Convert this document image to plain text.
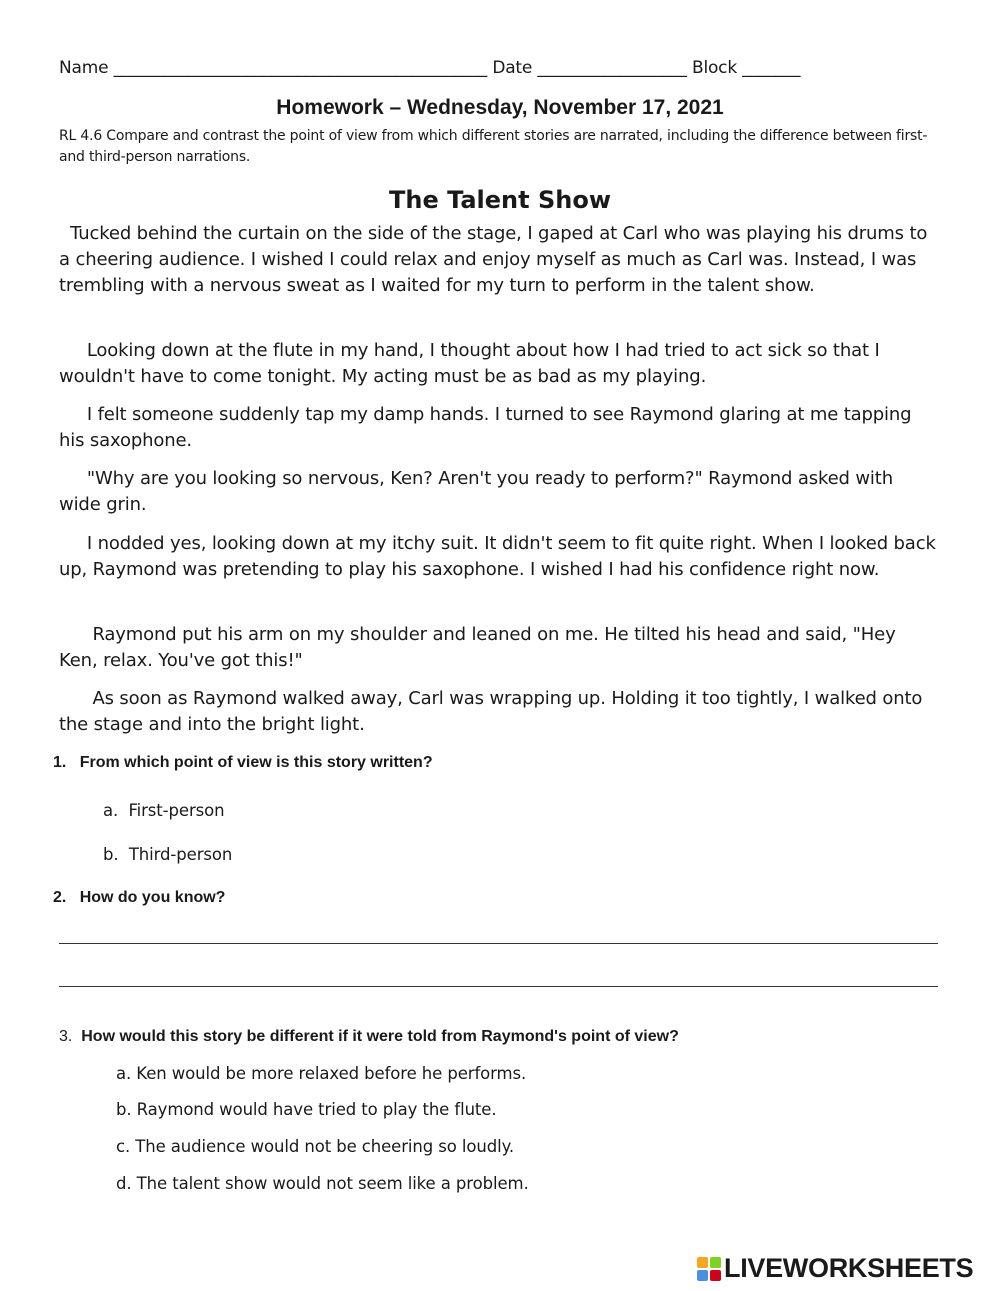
Name _____________________________________________ Date __________________ Block _______
Homework – Wednesday, November 17, 2021
RL 4.6 Compare and contrast the point of view from which different stories are narrated, including the difference between first- and third-person narrations.
The Talent Show

Tucked behind the curtain on the side of the stage, I gaped at Carl who was playing his drums to a cheering audience. I wished I could relax and enjoy myself as much as Carl was. Instead, I was trembling with a nervous sweat as I waited for my turn to perform in the talent show.

Looking down at the flute in my hand, I thought about how I had tried to act sick so that I wouldn't have to come tonight. My acting must be as bad as my playing.

I felt someone suddenly tap my damp hands. I turned to see Raymond glaring at me tapping his saxophone.

"Why are you looking so nervous, Ken? Aren't you ready to perform?" Raymond asked with wide grin.

I nodded yes, looking down at my itchy suit. It didn't seem to fit quite right. When I looked back up, Raymond was pretending to play his saxophone. I wished I had his confidence right now.

Raymond put his arm on my shoulder and leaned on me. He tilted his head and said, "Hey Ken, relax. You've got this!"

As soon as Raymond walked away, Carl was wrapping up. Holding it too tightly, I walked onto the stage and into the bright light.

1. From which point of view is this story written?
a. First-person
b. Third-person
2. How do you know?
3. How would this story be different if it were told from Raymond's point of view?
a. Ken would be more relaxed before he performs.
b. Raymond would have tried to play the flute.
c. The audience would not be cheering so loudly.
d. The talent show would not seem like a problem.
LIVEWORKSHEETS
